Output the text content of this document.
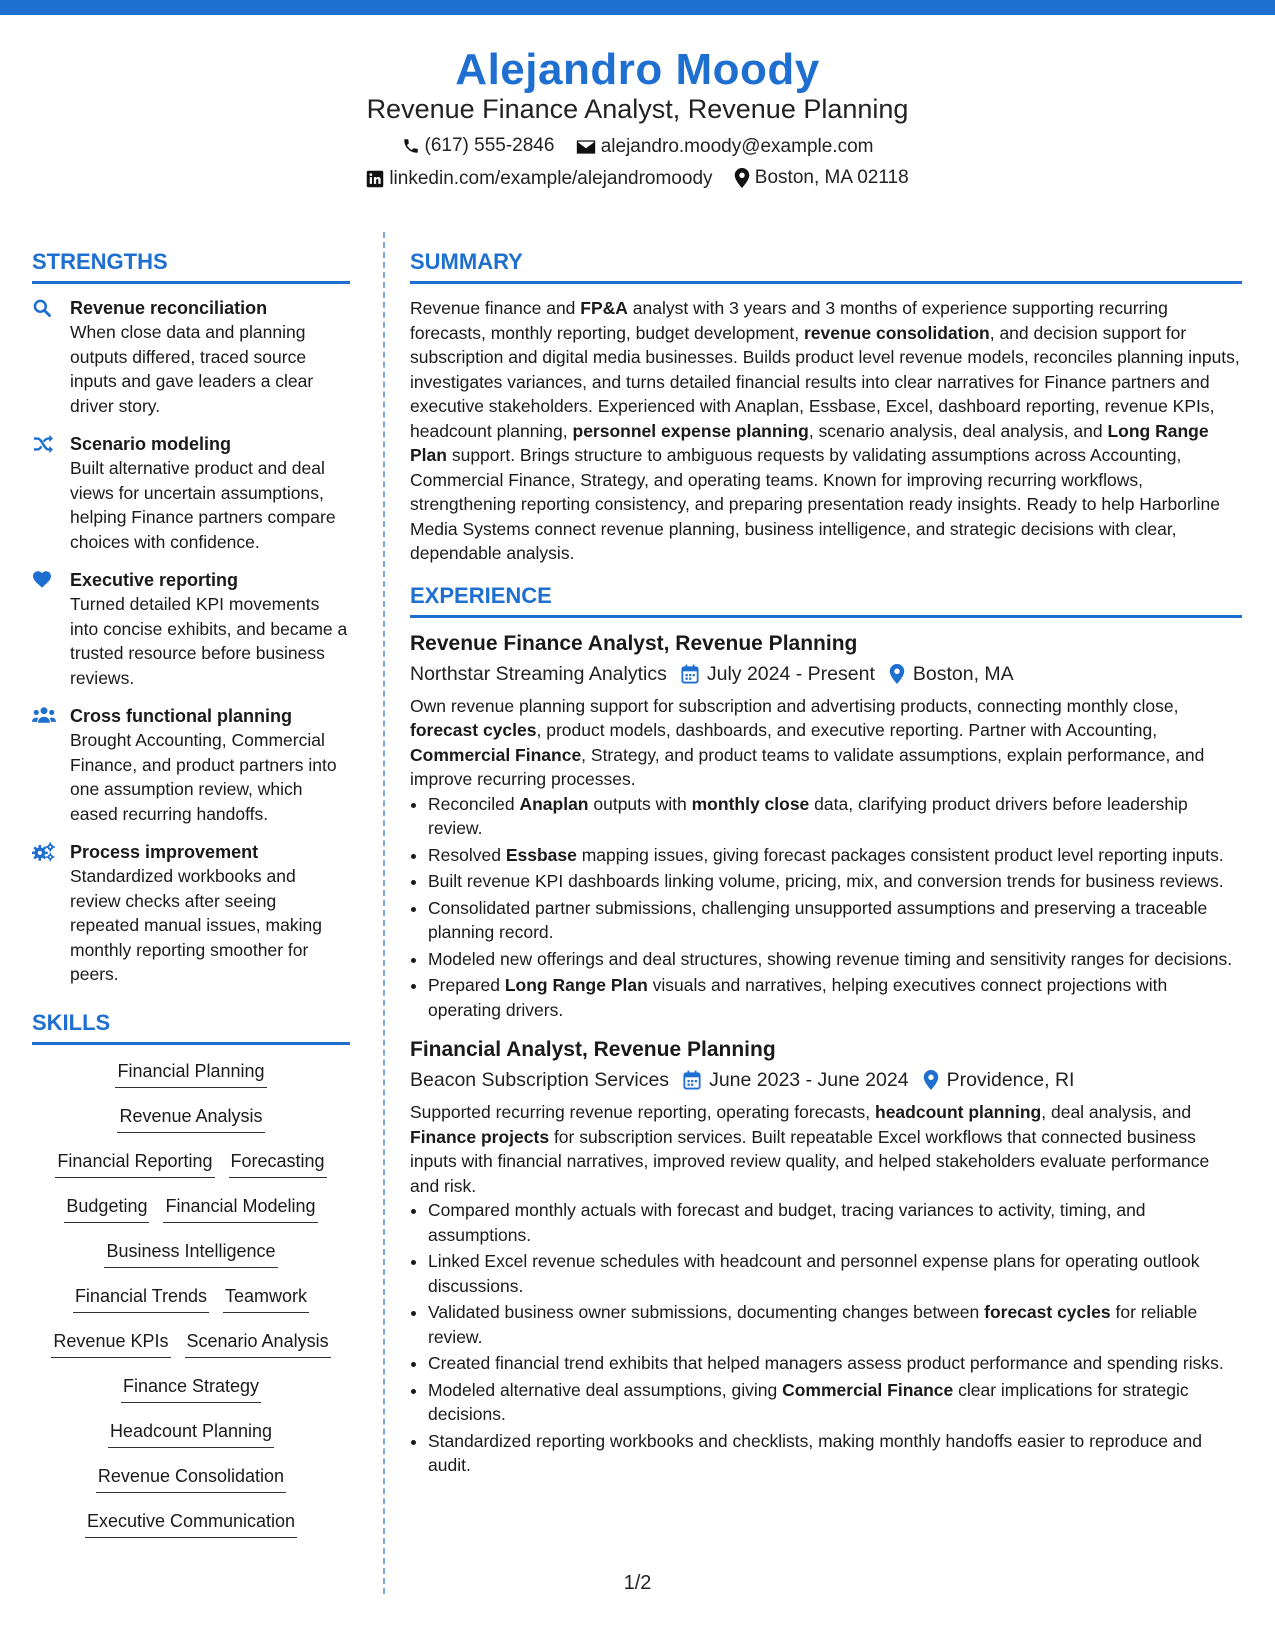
Alejandro Moody
Revenue Finance Analyst, Revenue Planning
(617) 555-2846
alejandro.moody@example.com
linkedin.com/example/alejandromoody
Boston, MA 02118
STRENGTHS
Revenue reconciliation
When close data and planning outputs differed, traced source inputs and gave leaders a clear driver story.
Scenario modeling
Built alternative product and deal views for uncertain assumptions, helping Finance partners compare choices with confidence.
Executive reporting
Turned detailed KPI movements into concise exhibits, and became a trusted resource before business reviews.
Cross functional planning
Brought Accounting, Commercial Finance, and product partners into one assumption review, which eased recurring handoffs.
Process improvement
Standardized workbooks and review checks after seeing repeated manual issues, making monthly reporting smoother for peers.
SKILLS
Financial Planning
Revenue Analysis
Financial Reporting Forecasting
Budgeting Financial Modeling
Business Intelligence
Financial Trends Teamwork
Revenue KPIs Scenario Analysis
Finance Strategy
Headcount Planning
Revenue Consolidation
Executive Communication
SUMMARY

Revenue finance and FP&A analyst with 3 years and 3 months of experience supporting recurring forecasts, monthly reporting, budget development, revenue consolidation, and decision support for subscription and digital media businesses. Builds product level revenue models, reconciles planning inputs, investigates variances, and turns detailed financial results into clear narratives for Finance partners and executive stakeholders. Experienced with Anaplan, Essbase, Excel, dashboard reporting, revenue KPIs, headcount planning, personnel expense planning, scenario analysis, deal analysis, and Long Range Plan support. Brings structure to ambiguous requests by validating assumptions across Accounting, Commercial Finance, Strategy, and operating teams. Known for improving recurring workflows, strengthening reporting consistency, and preparing presentation ready insights. Ready to help Harborline Media Systems connect revenue planning, business intelligence, and strategic decisions with clear, dependable analysis.

EXPERIENCE
Revenue Finance Analyst, Revenue Planning
Northstar Streaming Analytics July 2024 - Present Boston, MA

Own revenue planning support for subscription and advertising products, connecting monthly close, forecast cycles, product models, dashboards, and executive reporting. Partner with Accounting, Commercial Finance, Strategy, and product teams to validate assumptions, explain performance, and improve recurring processes.

• Reconciled Anaplan outputs with monthly close data, clarifying product drivers before leadership review.
• Resolved Essbase mapping issues, giving forecast packages consistent product level reporting inputs.
• Built revenue KPI dashboards linking volume, pricing, mix, and conversion trends for business reviews.
• Consolidated partner submissions, challenging unsupported assumptions and preserving a traceable planning record.
• Modeled new offerings and deal structures, showing revenue timing and sensitivity ranges for decisions.
• Prepared Long Range Plan visuals and narratives, helping executives connect projections with operating drivers.
Financial Analyst, Revenue Planning
Beacon Subscription Services June 2023 - June 2024 Providence, RI

Supported recurring revenue reporting, operating forecasts, headcount planning, deal analysis, and Finance projects for subscription services. Built repeatable Excel workflows that connected business inputs with financial narratives, improved review quality, and helped stakeholders evaluate performance and risk.

• Compared monthly actuals with forecast and budget, tracing variances to activity, timing, and assumptions.
• Linked Excel revenue schedules with headcount and personnel expense plans for operating outlook discussions.
• Validated business owner submissions, documenting changes between forecast cycles for reliable review.
• Created financial trend exhibits that helped managers assess product performance and spending risks.
• Modeled alternative deal assumptions, giving Commercial Finance clear implications for strategic decisions.
• Standardized reporting workbooks and checklists, making monthly handoffs easier to reproduce and audit.
1/2
